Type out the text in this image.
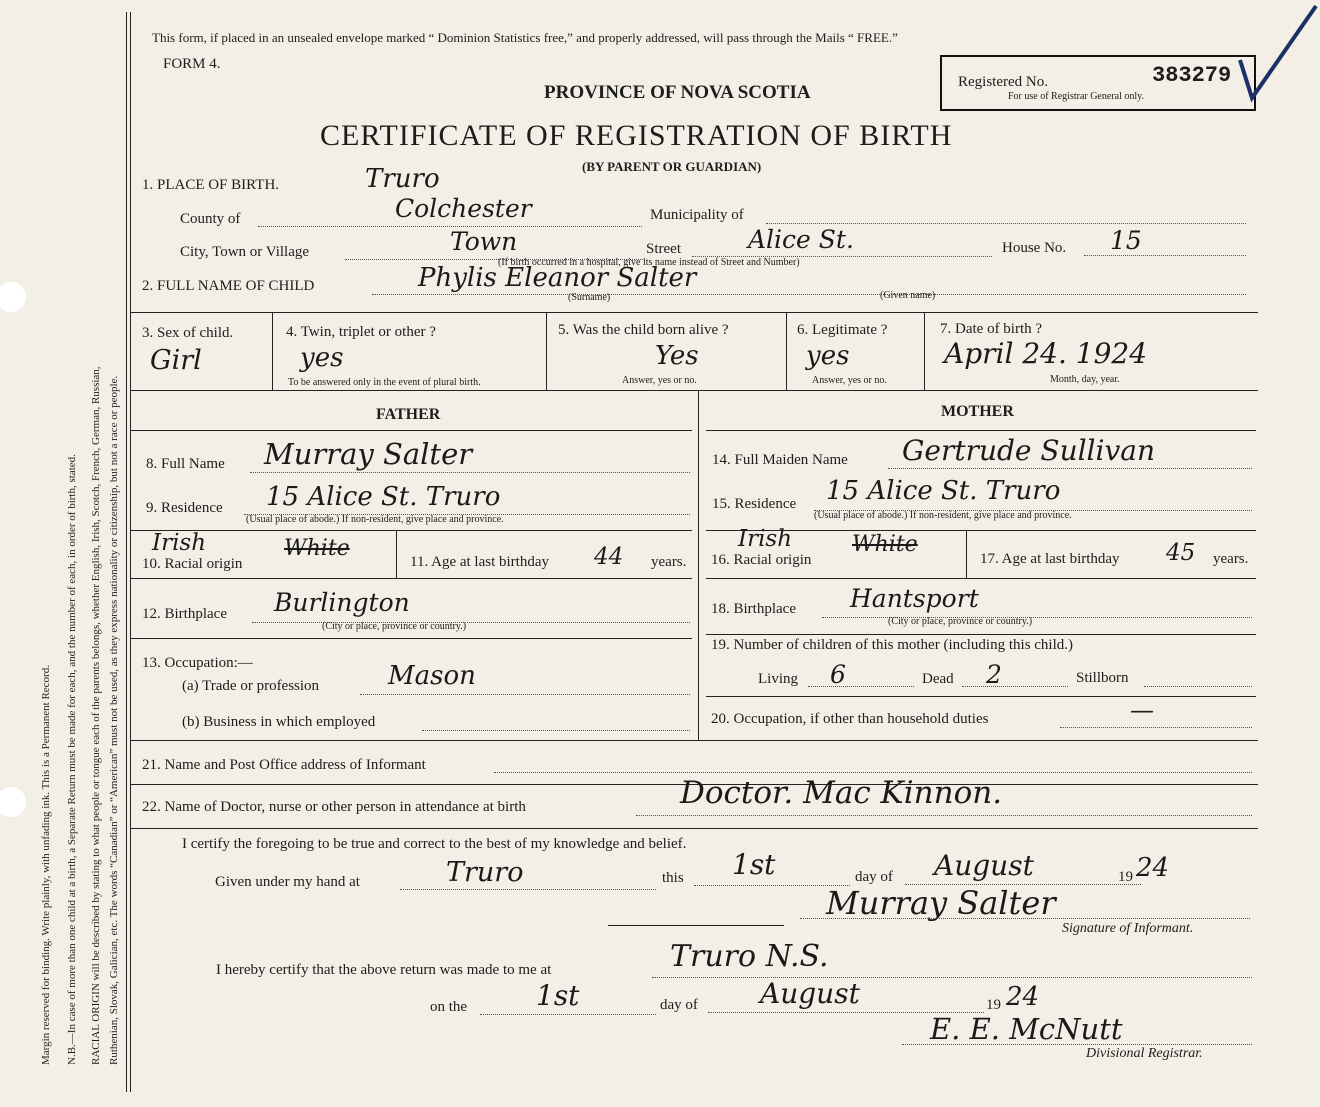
Margin reserved for binding. Write plainly, with unfading ink. This is a Permanent Record. N.B.—In case of more than one child at a birth, a Separate Return must be made for each, and the number of each, in order of birth, stated. RACIAL ORIGIN will be described by stating to what people or tongue each of the parents belongs, whether English, Irish, Scotch, French, German, Russian, Ruthenian, Slovak, Galician, etc. The words “Canadian” or “American” must not be used, as they express nationality or citizenship, but not a race or people.
This form, if placed in an unsealed envelope marked “ Dominion Statistics free,” and properly addressed, will pass through the Mails “ FREE.”
FORM 4.
PROVINCE OF NOVA SCOTIA
CERTIFICATE OF REGISTRATION OF BIRTH
(BY PARENT OR GUARDIAN)
Registered No.	383279
For use of Registrar General only.
1. PLACE OF BIRTH.	Truro
County of	Colchester	Municipality of
City, Town or Village	Town	Street	Alice St.	House No. 15
(If birth occurred in a hospital, give its name instead of Street and Number)
2. FULL NAME OF CHILD	Phylis Eleanor Salter
(Surname)	(Given name)
3. Sex of child.
Girl
4. Twin, triplet or other ?
yes
To be answered only in the event of plural birth.
5. Was the child born alive ?
Yes
Answer, yes or no.
6. Legitimate ?
yes
Answer, yes or no.
7. Date of birth ?
April 24. 1924
Month, day, year.
FATHER	MOTHER
8. Full Name Murray Salter	14. Full Maiden Name Gertrude Sullivan
9. Residence 15 Alice St. Truro
(Usual place of abode.) If non-resident, give place and province.
15. Residence 15 Alice St. Truro
(Usual place of abode.) If non-resident, give place and province.
Irish	White
10. Racial origin	11. Age at last birthday 44 years.
Irish	White
16. Racial origin	17. Age at last birthday 45 years.
12. Birthplace Burlington
(City or place, province or country.)
18. Birthplace Hantsport
(City or place, province or country.)
13. Occupation:—
(a) Trade or profession	Mason
(b) Business in which employed
19. Number of children of this mother (including this child.)
Living 6	Dead 2	Stillborn
20. Occupation, if other than household duties	—
21. Name and Post Office address of Informant
22. Name of Doctor, nurse or other person in attendance at birth	Doctor. Mac Kinnon.
I certify the foregoing to be true and correct to the best of my knowledge and belief.
Given under my hand at	Truro	this 1st	day of August	19 24
Murray Salter
Signature of Informant.
I hereby certify that the above return was made to me at	Truro N.S.
on the 1st	day of August	19 24
E. E. McNutt
Divisional Registrar.
